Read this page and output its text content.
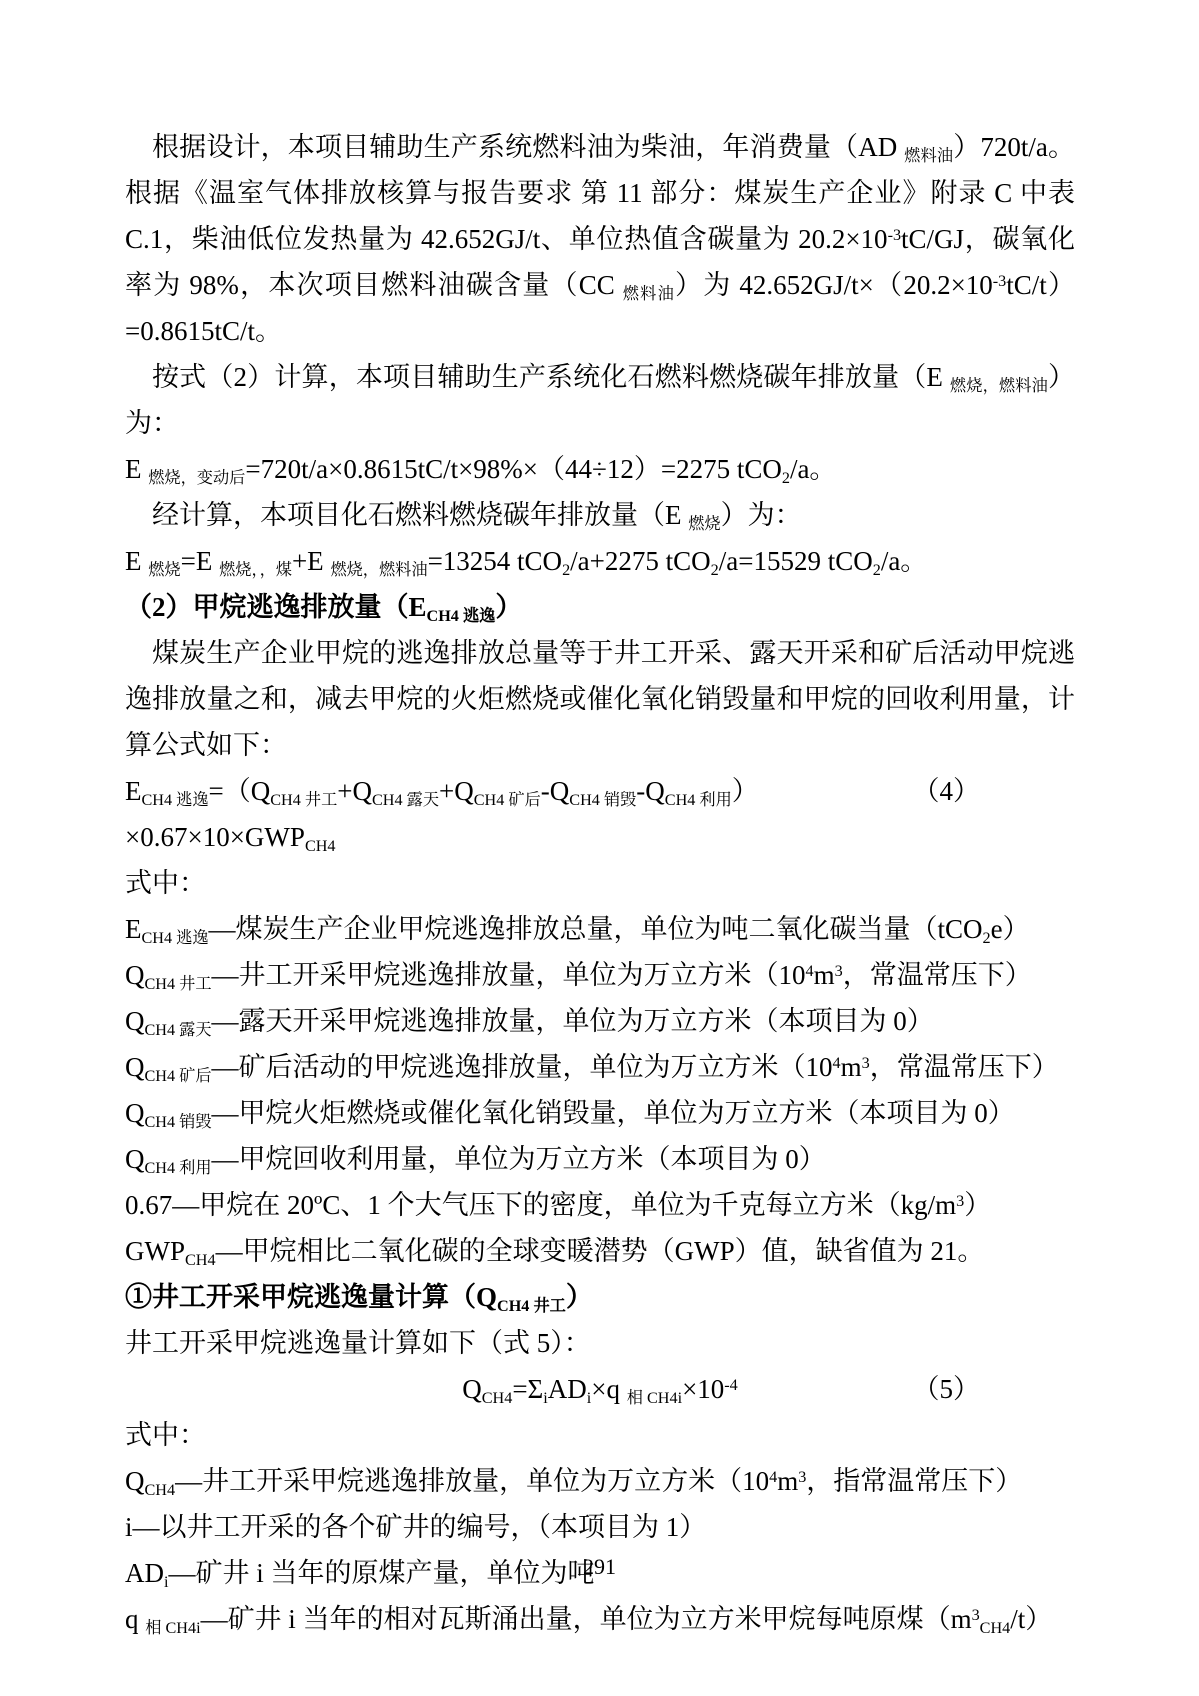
根据设计，本项目辅助生产系统燃料油为柴油，年消费量（AD $_{燃料油}$）720t/a。根据《温室气体排放核算与报告要求 第 11 部分：煤炭生产企业》附录 C 中表 C.1，柴油低位发热量为 42.652GJ/t、单位热值含碳量为 $20.2\times 10^{-3}tC/GJ$，碳氧化率为 98%，本次项目燃料油碳含量（CC $_{燃料油}$）为 $42.652GJ/t\times(20.2\times 10^{-3}tC/t)=0.8615tC/t$。

按式（2）计算，本项目辅助生产系统化石燃料燃烧碳年排放量（E $_{燃烧,燃料油}$）为：

E $_{燃烧,变动后}$=720t/a×0.8615tC/t×98%×（44÷12）=2275 tCO$_2$/a。

经计算，本项目化石燃料燃烧碳年排放量（E $_{燃烧}$）为：

E $_{燃烧}$=E $_{燃烧,,煤}$+E $_{燃烧,燃料油}$=13254 tCO$_2$/a+2275 tCO$_2$/a=15529 tCO$_2$/a。

（2）甲烷逃逸排放量$(E_{CH4 逃逸})$

煤炭生产企业甲烷的逃逸排放总量等于井工开采、露天开采和矿后活动甲烷逃逸排放量之和，减去甲烷的火炬燃烧或催化氧化销毁量和甲烷的回收利用量，计算公式如下：

$E_{CH4 逃逸}=(Q_{CH4 井工}+Q_{CH4 露天}+Q_{CH4 矿后}-Q_{CH4 销毁}-Q_{CH4 利用})\times 0.67\times 10\times GWP_{CH4}$
（4）

式中：

$E_{CH4 逃逸}—$煤炭生产企业甲烷逃逸排放总量，单位为吨二氧化碳当量（tCO$_2$e）

$Q_{CH4 井工}—$井工开采甲烷逃逸排放量，单位为万立方米（$10^4m^3$，常温常压下）

$Q_{CH4 露天}—$露天开采甲烷逃逸排放量，单位为万立方米（本项目为 0）

$Q_{CH4 矿后}—$矿后活动的甲烷逃逸排放量，单位为万立方米（$10^4m^3$，常温常压下）

$Q_{CH4 销毁}—$甲烷火炬燃烧或催化氧化销毁量，单位为万立方米（本项目为 0）

$Q_{CH4 利用}—$甲烷回收利用量，单位为万立方米（本项目为 0）

0.67—甲烷在 20ºC、1 个大气压下的密度，单位为千克每立方米$(kg/m^3)$

$GWP_{CH4}—$甲烷相比二氧化碳的全球变暖潜势（GWP）值，缺省值为 21。

①井工开采甲烷逃逸量计算$(Q_{CH4 井工})$

井工开采甲烷逃逸量计算如下（式 5）：

$Q_{CH4}=\Sigma_iAD_i\times q$ $_{相 CH4i}\times 10^{-4}$	（5）

式中：

$Q_{CH4}—$井工开采甲烷逃逸排放量，单位为万立方米（$10^4m^3$，指常温常压下）

i—以井工开采的各个矿井的编号，（本项目为 1）

$AD_i—$矿井 i 当年的原煤产量，单位为吨

q $_{相 CH4i}$—矿井 i 当年的相对瓦斯涌出量，单位为立方米甲烷每吨原煤$(m^3_{CH4}/t)$

291
